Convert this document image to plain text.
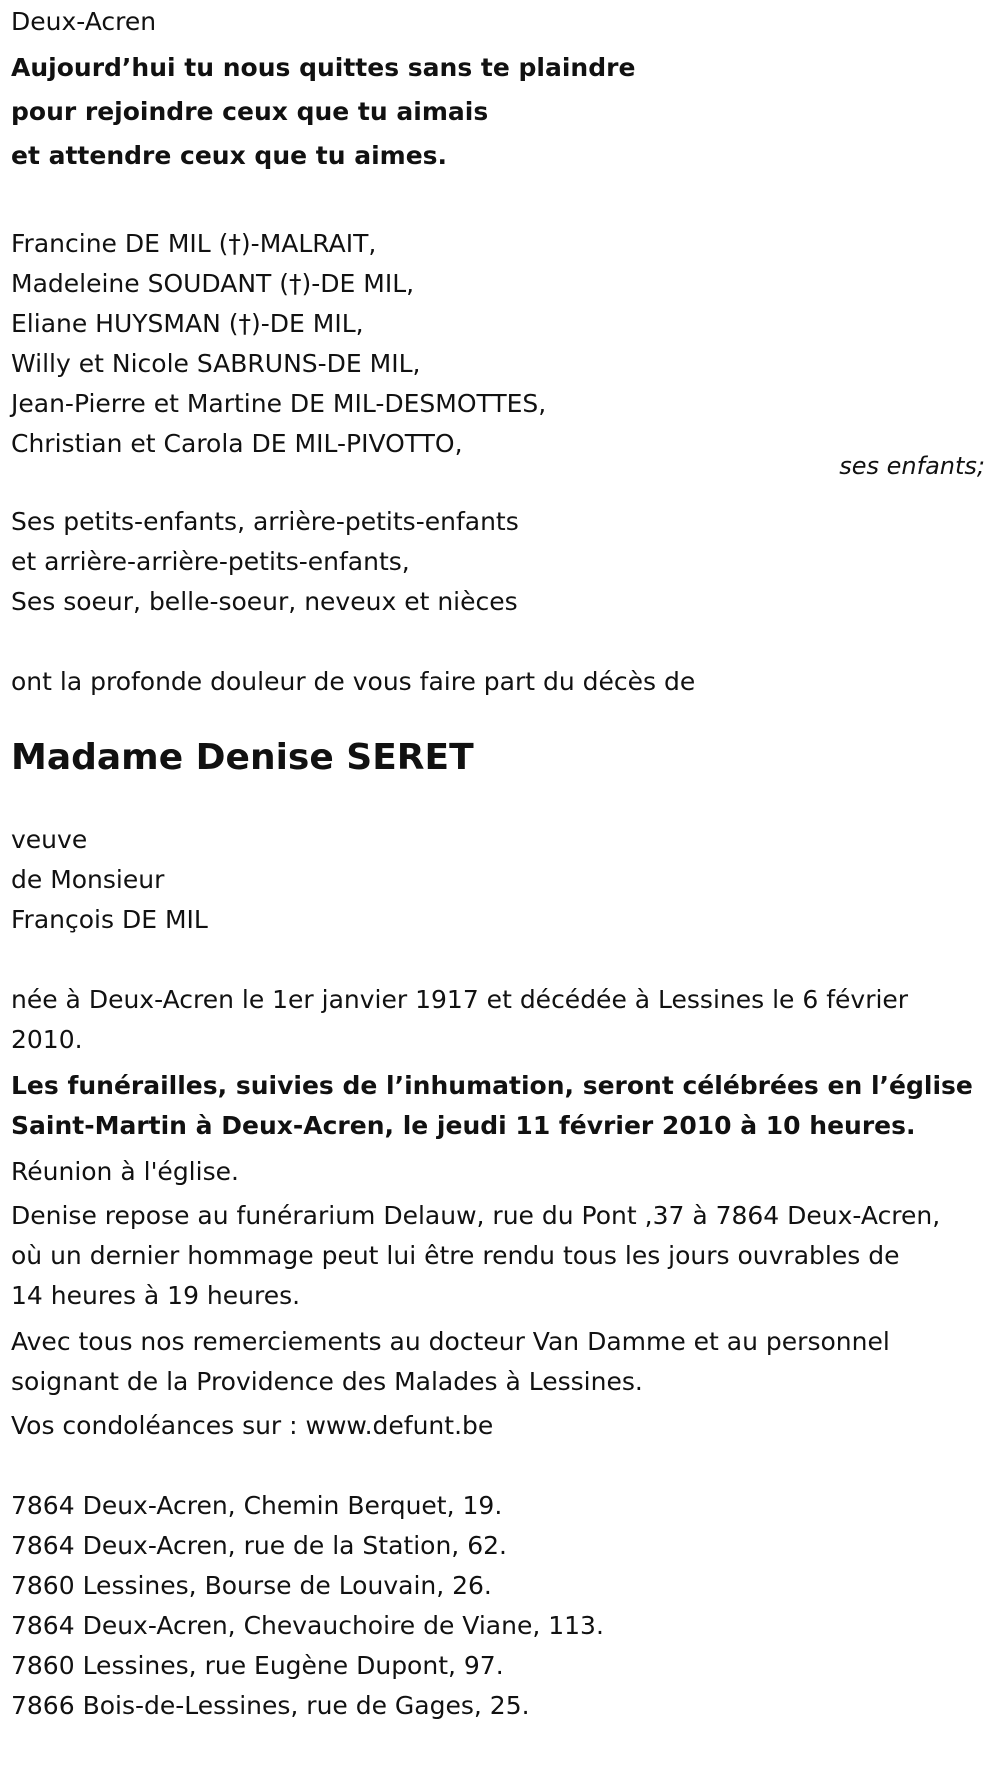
Deux-Acren

Aujourd’hui tu nous quittes sans te plaindre

pour rejoindre ceux que tu aimais

et attendre ceux que tu aimes.

Francine DE MIL (†)-MALRAIT,

Madeleine SOUDANT (†)-DE MIL,

Eliane HUYSMAN (†)-DE MIL,

Willy et Nicole SABRUNS-DE MIL,

Jean-Pierre et Martine DE MIL-DESMOTTES,

Christian et Carola DE MIL-PIVOTTO,

ses enfants;

Ses petits-enfants, arrière-petits-enfants

et arrière-arrière-petits-enfants,

Ses soeur, belle-soeur, neveux et nièces

ont la profonde douleur de vous faire part du décès de

Madame Denise SERET

veuve

de Monsieur

François DE MIL

née à Deux-Acren le 1er janvier 1917 et décédée à Lessines le 6 février 2010.

Les funérailles, suivies de l’inhumation, seront célébrées en l’église

Saint-Martin à Deux-Acren, le jeudi 11 février 2010 à 10 heures.

Réunion à l'église.

Denise repose au funérarium Delauw, rue du Pont ,37 à 7864 Deux-Acren,

où un dernier hommage peut lui être rendu tous les jours ouvrables de

14 heures à 19 heures.

Avec tous nos remerciements au docteur Van Damme et au personnel

soignant de la Providence des Malades à Lessines.

Vos condoléances sur : www.defunt.be

7864 Deux-Acren, Chemin Berquet, 19.

7864 Deux-Acren, rue de la Station, 62.

7860 Lessines, Bourse de Louvain, 26.

7864 Deux-Acren, Chevauchoire de Viane, 113.

7860 Lessines, rue Eugène Dupont, 97.

7866 Bois-de-Lessines, rue de Gages, 25.
